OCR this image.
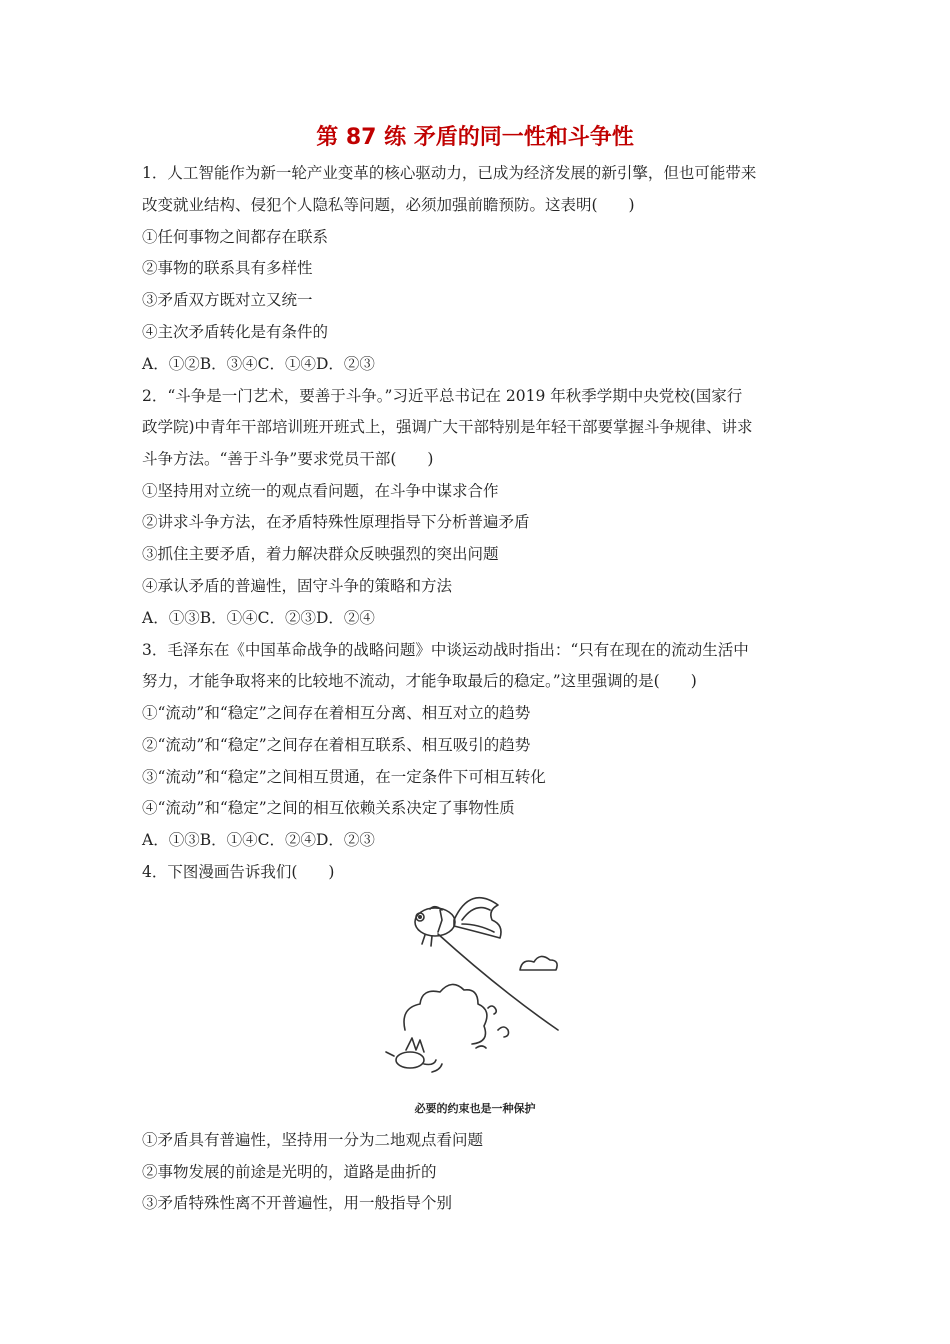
第 87 练 矛盾的同一性和斗争性
1．人工智能作为新一轮产业变革的核心驱动力，已成为经济发展的新引擎，但也可能带来
改变就业结构、侵犯个人隐私等问题，必须加强前瞻预防。这表明(　　)
①任何事物之间都存在联系
②事物的联系具有多样性
③矛盾双方既对立又统一
④主次矛盾转化是有条件的
A．①②B．③④C．①④D．②③
2．“斗争是一门艺术，要善于斗争。”习近平总书记在 2019 年秋季学期中央党校(国家行
政学院)中青年干部培训班开班式上，强调广大干部特别是年轻干部要掌握斗争规律、讲求
斗争方法。“善于斗争”要求党员干部(　　)
①坚持用对立统一的观点看问题，在斗争中谋求合作
②讲求斗争方法，在矛盾特殊性原理指导下分析普遍矛盾
③抓住主要矛盾，着力解决群众反映强烈的突出问题
④承认矛盾的普遍性，固守斗争的策略和方法
A．①③B．①④C．②③D．②④
3．毛泽东在《中国革命战争的战略问题》中谈运动战时指出：“只有在现在的流动生活中
努力，才能争取将来的比较地不流动，才能争取最后的稳定。”这里强调的是(　　)
①“流动”和“稳定”之间存在着相互分离、相互对立的趋势
②“流动”和“稳定”之间存在着相互联系、相互吸引的趋势
③“流动”和“稳定”之间相互贯通，在一定条件下可相互转化
④“流动”和“稳定”之间的相互依赖关系决定了事物性质
A．①③B．①④C．②④D．②③
4．下图漫画告诉我们(　　)
必要的约束也是一种保护
①矛盾具有普遍性，坚持用一分为二地观点看问题
②事物发展的前途是光明的，道路是曲折的
③矛盾特殊性离不开普遍性，用一般指导个别
